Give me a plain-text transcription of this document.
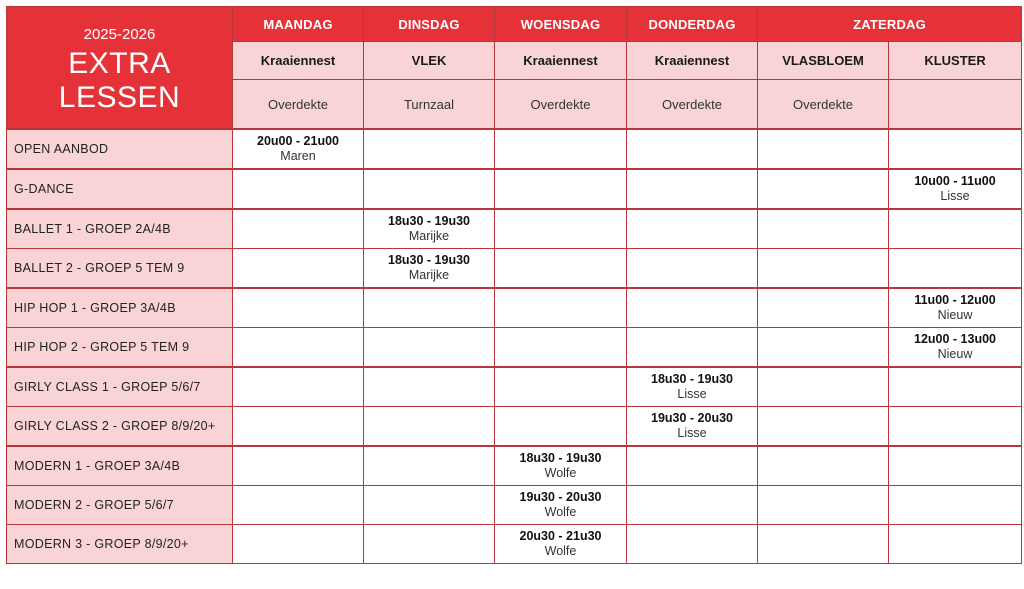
2025-2026
EXTRA LESSEN	MAANDAG	DINSDAG	WOENSDAG	DONDERDAG	ZATERDAG	
	Kraaiennest	VLEK	Kraaiennest	Kraaiennest	VLASBLOEM	KLUSTER
	Overdekte	Turnzaal	Overdekte	Overdekte	Overdekte	
OPEN AANBOD	20u00 - 21u00
Maren					

G-DANCE						10u00 - 11u00
Lisse

BALLET 1 - GROEP 2A/4B		18u30 - 19u30
Marijke				

BALLET 2 - GROEP 5 TEM 9		18u30 - 19u30
Marijke				

HIP HOP 1 - GROEP 3A/4B						11u00 - 12u00
Nieuw

HIP HOP 2 - GROEP 5 TEM 9						12u00 - 13u00
Nieuw

GIRLY CLASS 1 - GROEP 5/6/7				18u30 - 19u30
Lisse		

GIRLY CLASS 2 - GROEP 8/9/20+				19u30 - 20u30
Lisse		

MODERN 1 - GROEP 3A/4B			18u30 - 19u30
Wolfe			

MODERN 2 - GROEP 5/6/7			19u30 - 20u30
Wolfe			

MODERN 3 - GROEP 8/9/20+			20u30 - 21u30
Wolfe			
